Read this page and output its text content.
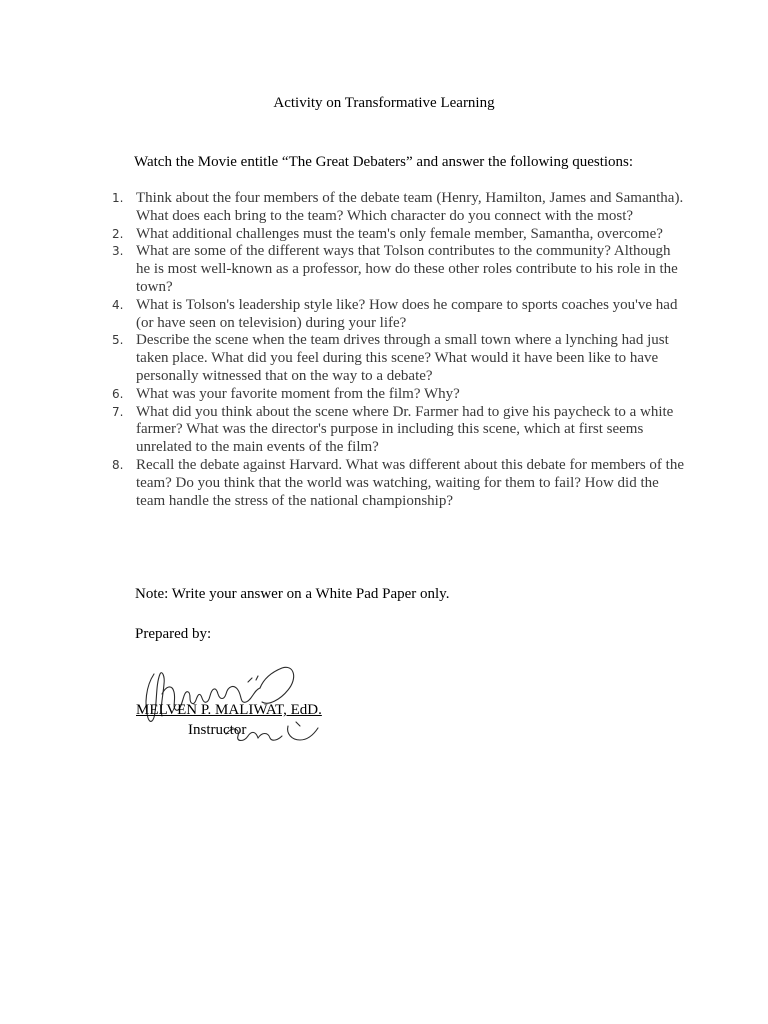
Activity on Transformative Learning
Watch the Movie entitle “The Great Debaters” and answer the following questions:
1. Think about the four members of the debate team (Henry, Hamilton, James and Samantha). What does each bring to the team? Which character do you connect with the most?
2. What additional challenges must the team's only female member, Samantha, overcome?
3. What are some of the different ways that Tolson contributes to the community? Although he is most well-known as a professor, how do these other roles contribute to his role in the town?
4. What is Tolson's leadership style like? How does he compare to sports coaches you've had (or have seen on television) during your life?
5. Describe the scene when the team drives through a small town where a lynching had just taken place. What did you feel during this scene? What would it have been like to have personally witnessed that on the way to a debate?
6. What was your favorite moment from the film? Why?
7. What did you think about the scene where Dr. Farmer had to give his paycheck to a white farmer? What was the director's purpose in including this scene, which at first seems unrelated to the main events of the film?
8. Recall the debate against Harvard. What was different about this debate for members of the team? Do you think that the world was watching, waiting for them to fail? How did the team handle the stress of the national championship?
Note: Write your answer on a White Pad Paper only.
Prepared by:
MELVEN P. MALIWAT, EdD.
Instructor
